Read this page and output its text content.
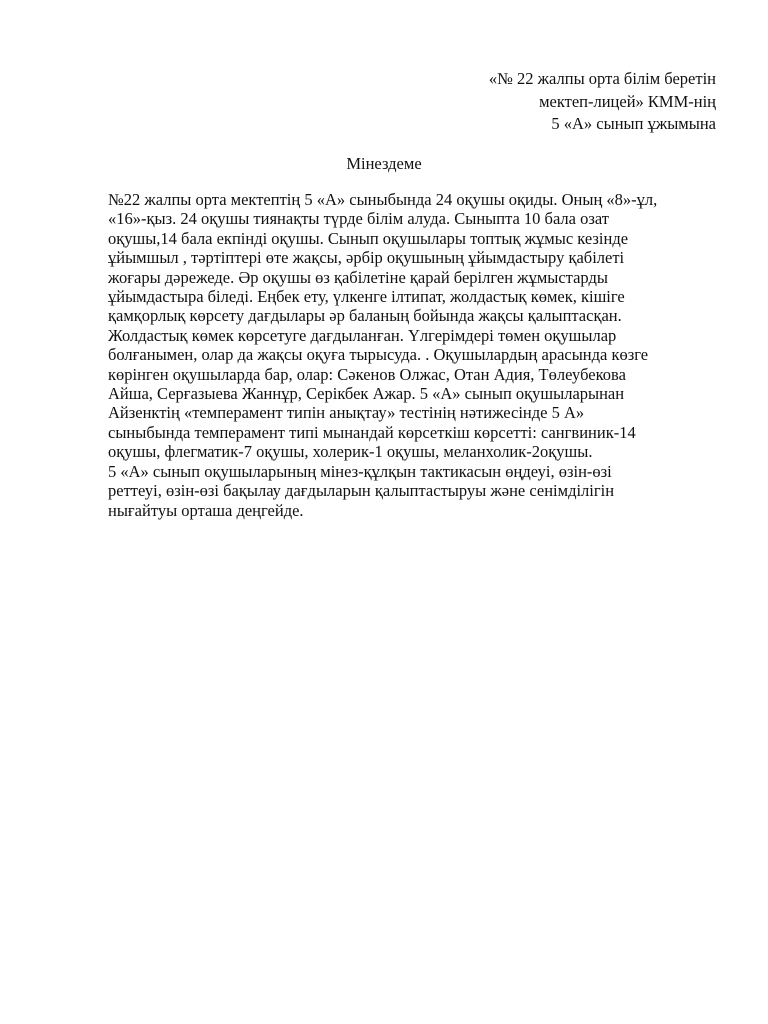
«№ 22 жалпы орта білім беретін
мектеп-лицей» КММ-нің
5 «А» сынып ұжымына
Мінездеме
№22 жалпы орта мектептің 5 «А» сыныбында 24 оқушы оқиды. Оның «8»-ұл,
«16»-қыз. 24 оқушы тиянақты түрде білім алуда. Сыныпта 10 бала озат
оқушы,14 бала екпінді оқушы. Сынып оқушылары топтық жұмыс кезінде
ұйымшыл , тәртіптері өте жақсы, әрбір оқушының ұйымдастыру қабілеті
жоғары дәрежеде. Әр оқушы өз қабілетіне қарай берілген жұмыстарды
ұйымдастыра біледі. Еңбек ету, үлкенге ілтипат, жолдастық көмек, кішіге
қамқорлық көрсету дағдылары әр баланың бойында жақсы қалыптасқан.
Жолдастық көмек көрсетуге дағдыланған. Үлгерімдері төмен оқушылар
болғанымен, олар да жақсы оқуға тырысуда. . Оқушылардың арасында көзге
көрінген оқушыларда бар, олар: Сәкенов Олжас, Отан Адия, Төлеубекова
Айша, Серғазыева Жаннұр, Серікбек Ажар. 5 «А» сынып оқушыларынан
Айзенктің «темперамент типін анықтау» тестінің нәтижесінде 5 А»
сыныбында темперамент типі мынандай көрсеткіш көрсетті: сангвиник-14
оқушы, флегматик-7 оқушы, холерик-1 оқушы, меланхолик-2оқушы.
5 «А» сынып оқушыларының мінез-құлқын тактикасын өңдеуі, өзін-өзі
реттеуі, өзін-өзі бақылау дағдыларын қалыптастыруы және сенімділігін
нығайтуы орташа деңгейде.
